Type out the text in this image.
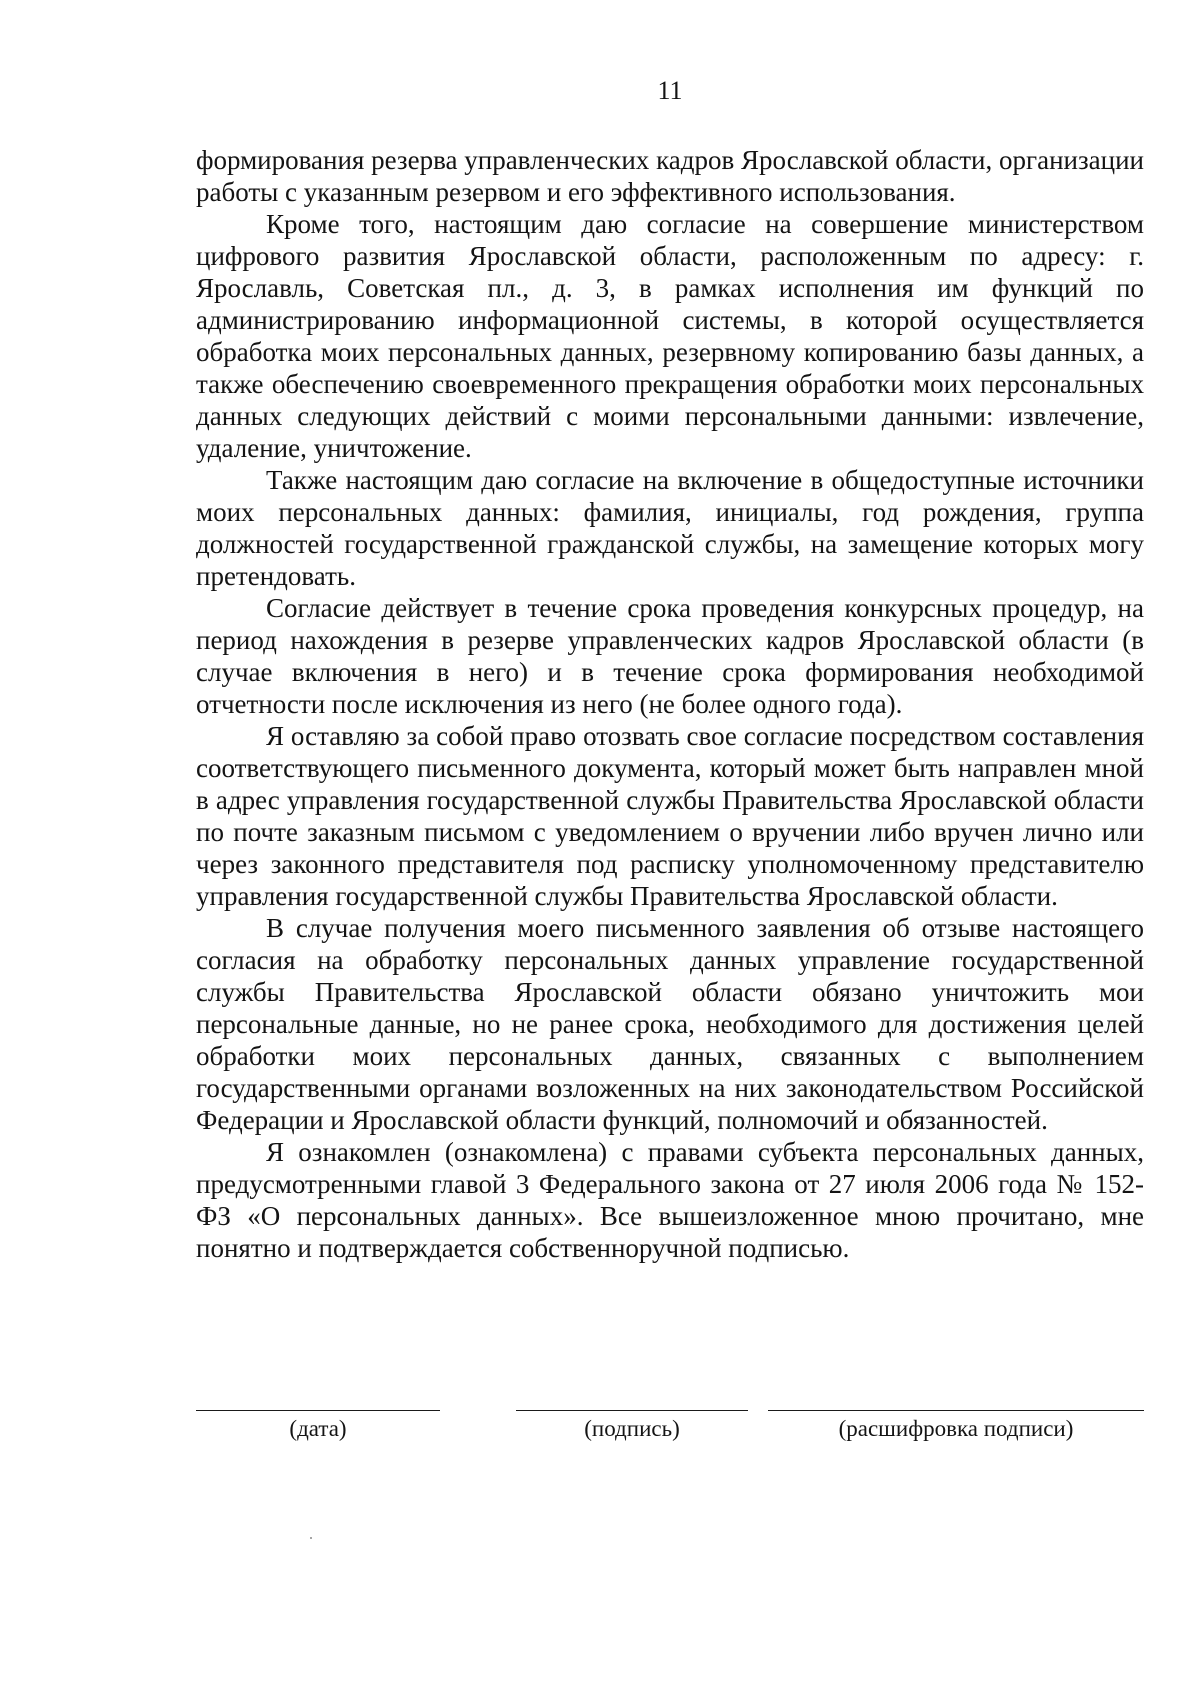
11

формирования резерва управленческих кадров Ярославской области, организации работы с указанным резервом и его эффективного использования.

Кроме того, настоящим даю согласие на совершение министерством цифрового развития Ярославской области, расположенным по адресу: г. Ярославль, Советская пл., д. 3, в рамках исполнения им функций по администрированию информационной системы, в которой осуществляется обработка моих персональных данных, резервному копированию базы данных, а также обеспечению своевременного прекращения обработки моих персональных данных следующих действий с моими персональными данными: извлечение, удаление, уничтожение.

Также настоящим даю согласие на включение в общедоступные источники моих персональных данных: фамилия, инициалы, год рождения, группа должностей государственной гражданской службы, на замещение которых могу претендовать.

Согласие действует в течение срока проведения конкурсных процедур, на период нахождения в резерве управленческих кадров Ярославской области (в случае включения в него) и в течение срока формирования необходимой отчетности после исключения из него (не более одного года).

Я оставляю за собой право отозвать свое согласие посредством составления соответствующего письменного документа, который может быть направлен мной в адрес управления государственной службы Правительства Ярославской области по почте заказным письмом с уведомлением о вручении либо вручен лично или через законного представителя под расписку уполномоченному представителю управления государственной службы Правительства Ярославской области.

В случае получения моего письменного заявления об отзыве настоящего согласия на обработку персональных данных управление государственной службы Правительства Ярославской области обязано уничтожить мои персональные данные, но не ранее срока, необходимого для достижения целей обработки моих персональных данных, связанных с выполнением государственными органами возложенных на них законодательством Российской Федерации и Ярославской области функций, полномочий и обязанностей.

Я ознакомлен (ознакомлена) с правами субъекта персональных данных, предусмотренными главой 3 Федерального закона от 27 июля 2006 года № 152-ФЗ «О персональных данных». Все вышеизложенное мною прочитано, мне понятно и подтверждается собственноручной подписью.

(дата)	(подпись)	(расшифровка подписи)
